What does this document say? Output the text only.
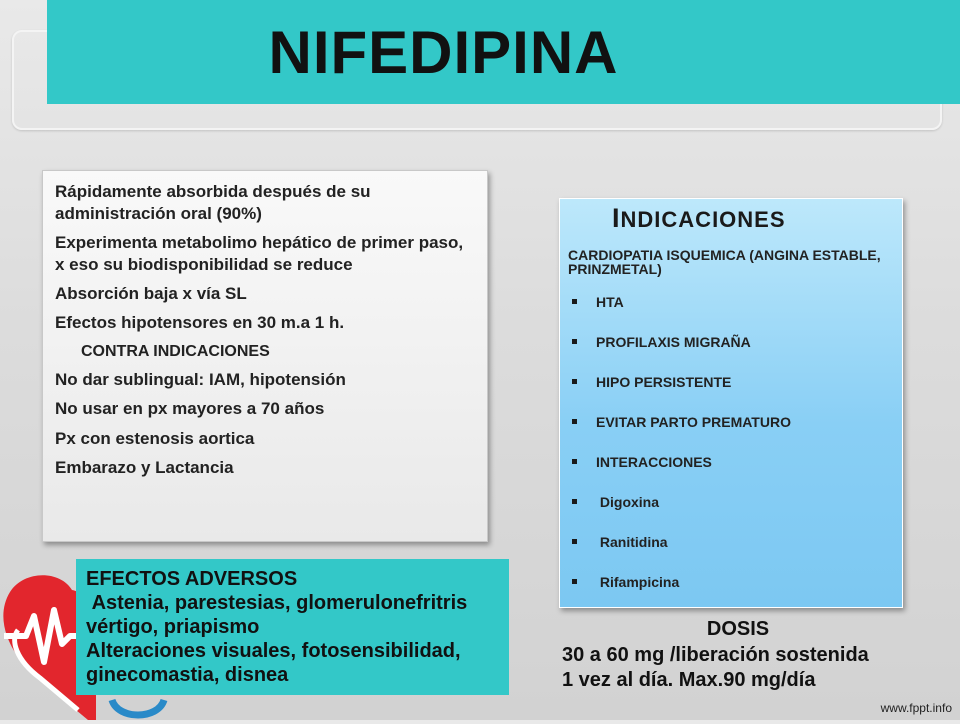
NIFEDIPINA

Rápidamente absorbida después de su administración oral (90%)

Experimenta metabolimo hepático de primer paso, x eso su biodisponibilidad se reduce

Absorción baja x vía SL

Efectos hipotensores en 30 m.a 1 h.

CONTRA INDICACIONES

No dar sublingual: IAM, hipotensión

No usar en px mayores a 70 años

Px con estenosis aortica

Embarazo y Lactancia

INDICACIONES

CARDIOPATIA ISQUEMICA (ANGINA ESTABLE, PRINZMETAL)

HTA
PROFILAXIS MIGRAÑA
HIPO PERSISTENTE
EVITAR PARTO PREMATURO
INTERACCIONES
Digoxina
Ranitidina
Rifampicina

EFECTOS ADVERSOS

Astenia, parestesias, glomerulonefritris vértigo, priapismo

Alteraciones visuales, fotosensibilidad, ginecomastia, disnea

DOSIS

30 a 60 mg /liberación sostenida

1 vez al día. Max.90 mg/día

www.fppt.info
